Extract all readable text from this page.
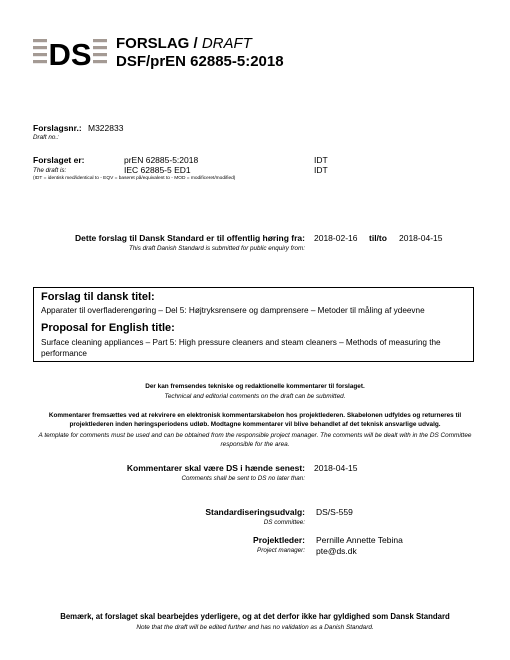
DS FORSLAG / DRAFT
DSF/prEN 62885-5:2018
Forslagsnr.: M322833
Draft no.:
Forslaget er:	prEN 62885-5:2018	IDT
The draft is:	IEC 62885-5 ED1	IDT
(IDT = identisk med/identical to - EQV = baseret på/equivalent to - MOD = modificeret/modified)
Dette forslag til Dansk Standard er til offentlig høring fra:
This draft Danish Standard is submitted for public enquiry from:
2018-02-16 til/to 2018-04-15
Forslag til dansk titel:
Apparater til overfladerengøring – Del 5: Højtryksrensere og damprensere – Metoder til måling af ydeevne
Proposal for English title:
Surface cleaning appliances – Part 5: High pressure cleaners and steam cleaners – Methods of measuring the performance
Der kan fremsendes tekniske og redaktionelle kommentarer til forslaget.
Technical and editorial comments on the draft can be submitted.
Kommentarer fremsættes ved at rekvirere en elektronisk kommentarskabelon hos projektlederen. Skabelonen udfyldes og returneres til projektlederen inden høringsperiodens udløb. Modtagne kommentarer vil blive behandlet af det teknisk ansvarlige udvalg.
A template for comments must be used and can be obtained from the responsible project manager. The comments will be dealt with in the DS Committee responsible for the area.
Kommentarer skal være DS i hænde senest:
Comments shall be sent to DS no later than:
2018-04-15
Standardiseringsudvalg:
DS committee:
DS/S-559
Projektleder:
Project manager:
Pernille Annette Tebina
pte@ds.dk
Bemærk, at forslaget skal bearbejdes yderligere, og at det derfor ikke har gyldighed som Dansk Standard
Note that the draft will be edited further and has no validation as a Danish Standard.
